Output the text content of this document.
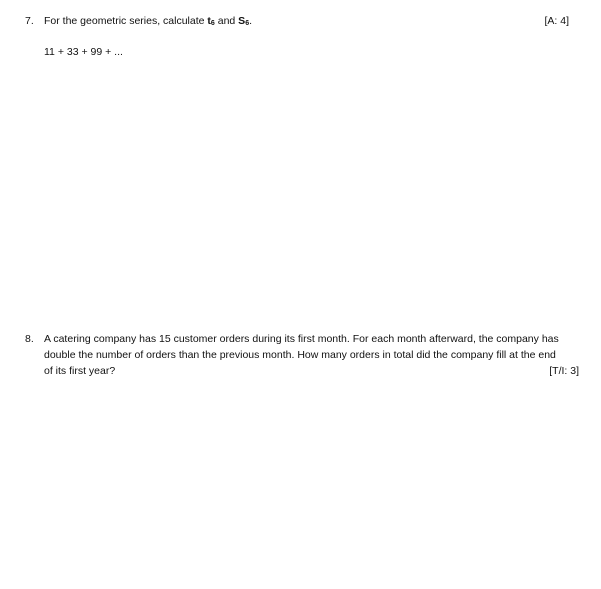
7. For the geometric series, calculate $t_6$ and $S_6$.	[A: 4]
11 + 33 + 99 + ...
8. A catering company has 15 customer orders during its first month. For each month afterward, the company has
double the number of orders than the previous month. How many orders in total did the company fill at the end
of its first year?	[T/I: 3]
